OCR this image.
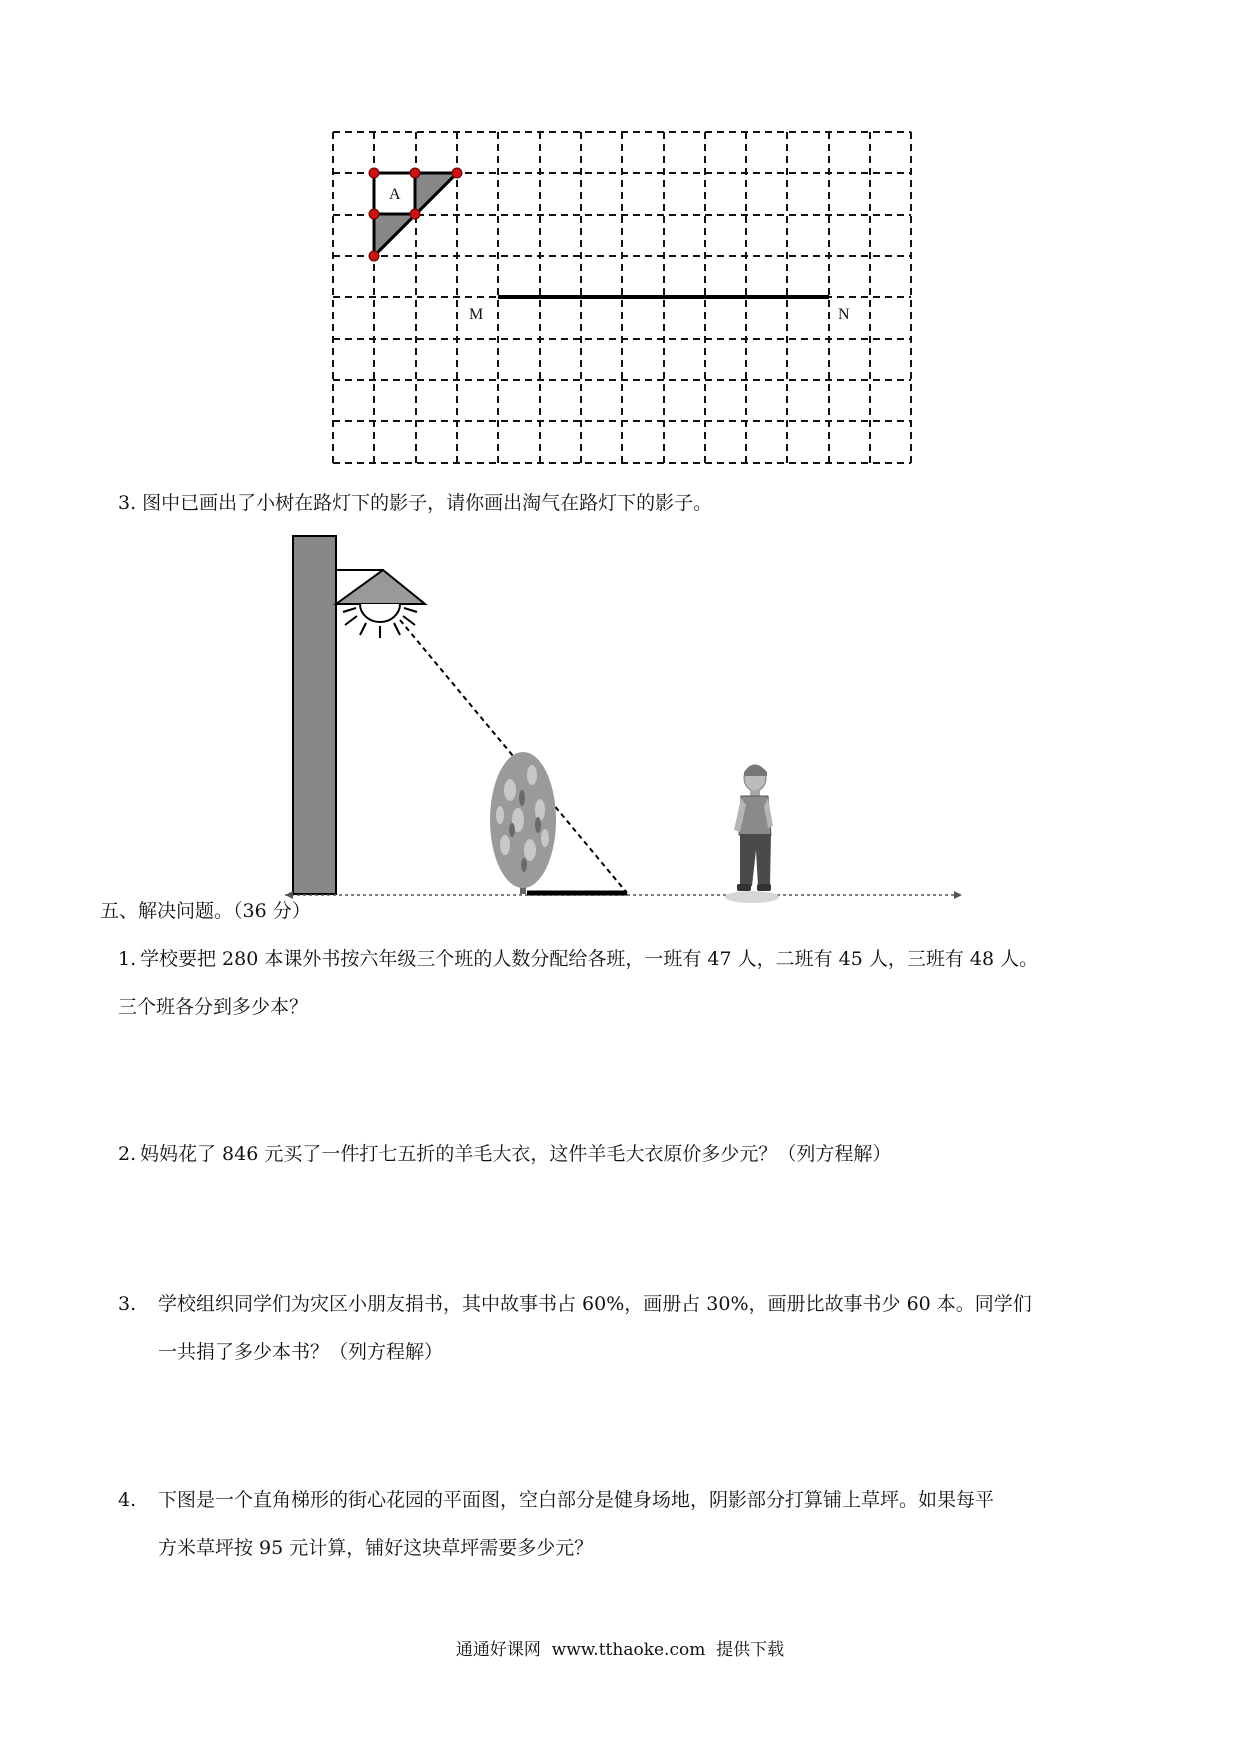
A
M	N
3. 图中已画出了小树在路灯下的影子，请你画出淘气在路灯下的影子。
五、解决问题。（36 分）
1. 学校要把 280 本课外书按六年级三个班的人数分配给各班，一班有 47 人，二班有 45 人，三班有 48 人。
三个班各分到多少本？
2. 妈妈花了 846 元买了一件打七五折的羊毛大衣，这件羊毛大衣原价多少元？（列方程解）
3. 学校组织同学们为灾区小朋友捐书，其中故事书占 60%，画册占 30%，画册比故事书少 60 本。同学们
一共捐了多少本书？（列方程解）
4. 下图是一个直角梯形的街心花园的平面图，空白部分是健身场地，阴影部分打算铺上草坪。如果每平
方米草坪按 95 元计算，铺好这块草坪需要多少元？
通通好课网  www.tthaoke.com  提供下载
